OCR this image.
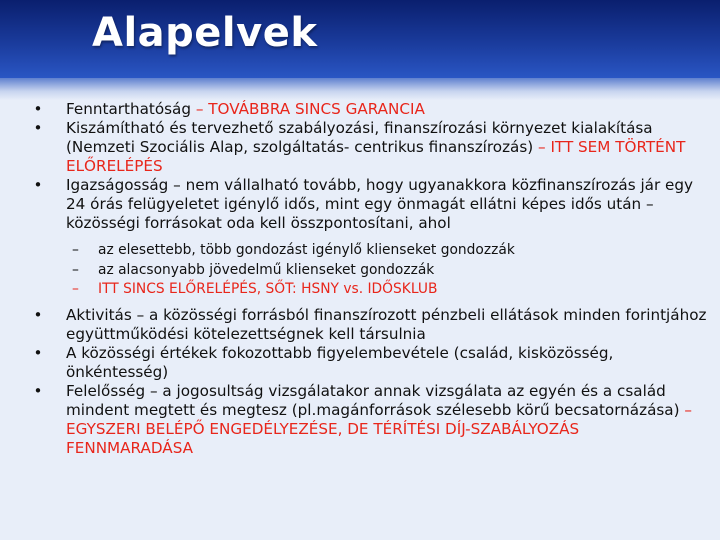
Alapelvek
•	Fenntarthatóság – TOVÁBBRA SINCS GARANCIA
•	Kiszámítható és tervezhető szabályozási, finanszírozási környezet kialakítása (Nemzeti Szociális Alap, szolgáltatás- centrikus finanszírozás) – ITT SEM TÖRTÉNT ELŐRELÉPÉS
•	Igazságosság – nem vállalható tovább, hogy ugyanakkora közfinanszírozás jár egy 24 órás felügyeletet igénylő idős, mint egy önmagát ellátni képes idős után – közösségi forrásokat oda kell összpontosítani, ahol
– az elesettebb, több gondozást igénylő klienseket gondozzák
– az alacsonyabb jövedelmű klienseket gondozzák
– ITT SINCS ELŐRELÉPÉS, SŐT: HSNY vs. IDŐSKLUB
•	Aktivitás – a közösségi forrásból finanszírozott pénzbeli ellátások minden forintjához együttműködési kötelezettségnek kell társulnia
•	A közösségi értékek fokozottabb figyelembevétele (család, kisközösség, önkéntesség)
•	Felelősség – a jogosultság vizsgálatakor annak vizsgálata az egyén és a család mindent megtett és megtesz (pl.magánforrások szélesebb körű becsatornázása) – EGYSZERI BELÉPŐ ENGEDÉLYEZÉSE, DE TÉRÍTÉSI DÍJ-SZABÁLYOZÁS FENNMARADÁSA
